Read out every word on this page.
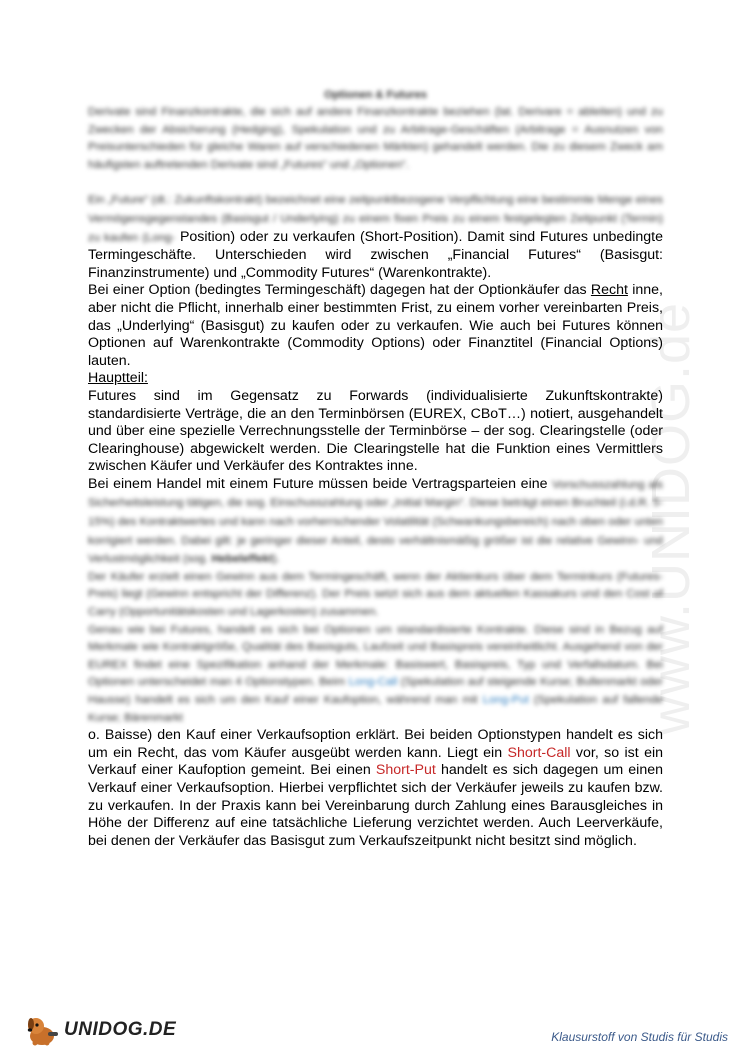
www.UNIDOG.de

Optionen & Futures

Derivate sind Finanzkontrakte, die sich auf andere Finanzkontrakte beziehen (lat. Derivare = ableiten) und zu Zwecken der Absicherung (Hedging), Spekulation und zu Arbitrage-Geschäften (Arbitrage = Ausnutzen von Preisunterschieden für gleiche Waren auf verschiedenen Märkten) gehandelt werden. Die zu diesem Zweck am häufigsten auftretenden Derivate sind „Futures“ und „Optionen“.

Ein „Future“ (dt.: Zukunftskontrakt) bezeichnet eine zeitpunktbezogene Verpflichtung eine bestimmte Menge eines Vermögensgegenstandes (Basisgut / Underlying) zu einem fixen Preis zu einem festgelegten Zeitpunkt (Termin) zu kaufen (Long- Position) oder zu verkaufen (Short-Position). Damit sind Futures unbedingte Termingeschäfte. Unterschieden wird zwischen „Financial Futures“ (Basisgut: Finanzinstrumente) und „Commodity Futures“ (Warenkontrakte).

Bei einer Option (bedingtes Termingeschäft) dagegen hat der Optionkäufer das Recht inne, aber nicht die Pflicht, innerhalb einer bestimmten Frist, zu einem vorher vereinbarten Preis, das „Underlying“ (Basisgut) zu kaufen oder zu verkaufen. Wie auch bei Futures können Optionen auf Warenkontrakte (Commodity Options) oder Finanztitel (Financial Options) lauten.

Hauptteil:

Futures sind im Gegensatz zu Forwards (individualisierte Zukunftskontrakte) standardisierte Verträge, die an den Terminbörsen (EUREX, CBoT…) notiert, ausgehandelt und über eine spezielle Verrechnungsstelle der Terminbörse – der sog. Clearingstelle (oder Clearinghouse) abgewickelt werden. Die Clearingstelle hat die Funktion eines Vermittlers zwischen Käufer und Verkäufer des Kontraktes inne.

Bei einem Handel mit einem Future müssen beide Vertragsparteien eine Vorschusszahlung als Sicherheitsleistung tätigen, die sog. Einschusszahlung oder „Initial Margin“. Diese beträgt einen Bruchteil (i.d.R. 5-15%) des Kontraktwertes und kann nach vorherrschender Volatilität (Schwankungsbereich) nach oben oder unten korrigiert werden. Dabei gilt: je geringer dieser Anteil, desto verhältnismäßig größer ist die relative Gewinn- und Verlustmöglichkeit (sog. Hebeleffekt).

Der Käufer erzielt einen Gewinn aus dem Termingeschäft, wenn der Aktienkurs über dem Terminkurs (Futures-Preis) liegt (Gewinn entspricht der Differenz). Der Preis setzt sich aus dem aktuellen Kassakurs und den Cost of Carry (Opportunitätskosten und Lagerkosten) zusammen.

Genau wie bei Futures, handelt es sich bei Optionen um standardisierte Kontrakte. Diese sind in Bezug auf Merkmale wie Kontraktgröße, Qualität des Basisguts, Laufzeit und Basispreis vereinheitlicht. Ausgehend von der EUREX findet eine Spezifikation anhand der Merkmale: Basiswert, Basispreis, Typ und Verfallsdatum. Bei Optionen unterscheidet man 4 Optionstypen. Beim Long-Call (Spekulation auf steigende Kurse; Bullenmarkt oder Hausse) handelt es sich um den Kauf einer Kaufoption, während man mit Long-Put (Spekulation auf fallende Kurse; Bärenmarkt

o. Baisse) den Kauf einer Verkaufsoption erklärt. Bei beiden Optionstypen handelt es sich um ein Recht, das vom Käufer ausgeübt werden kann. Liegt ein Short-Call vor, so ist ein Verkauf einer Kaufoption gemeint. Bei einen Short-Put handelt es sich dagegen um einen Verkauf einer Verkaufsoption. Hierbei verpflichtet sich der Verkäufer jeweils zu kaufen bzw. zu verkaufen. In der Praxis kann bei Vereinbarung durch Zahlung eines Barausgleiches in Höhe der Differenz auf eine tatsächliche Lieferung verzichtet werden. Auch Leerverkäufe, bei denen der Verkäufer das Basisgut zum Verkaufszeitpunkt nicht besitzt sind möglich.

UNIDOG.DE	Klausurstoff von Studis für Studis
